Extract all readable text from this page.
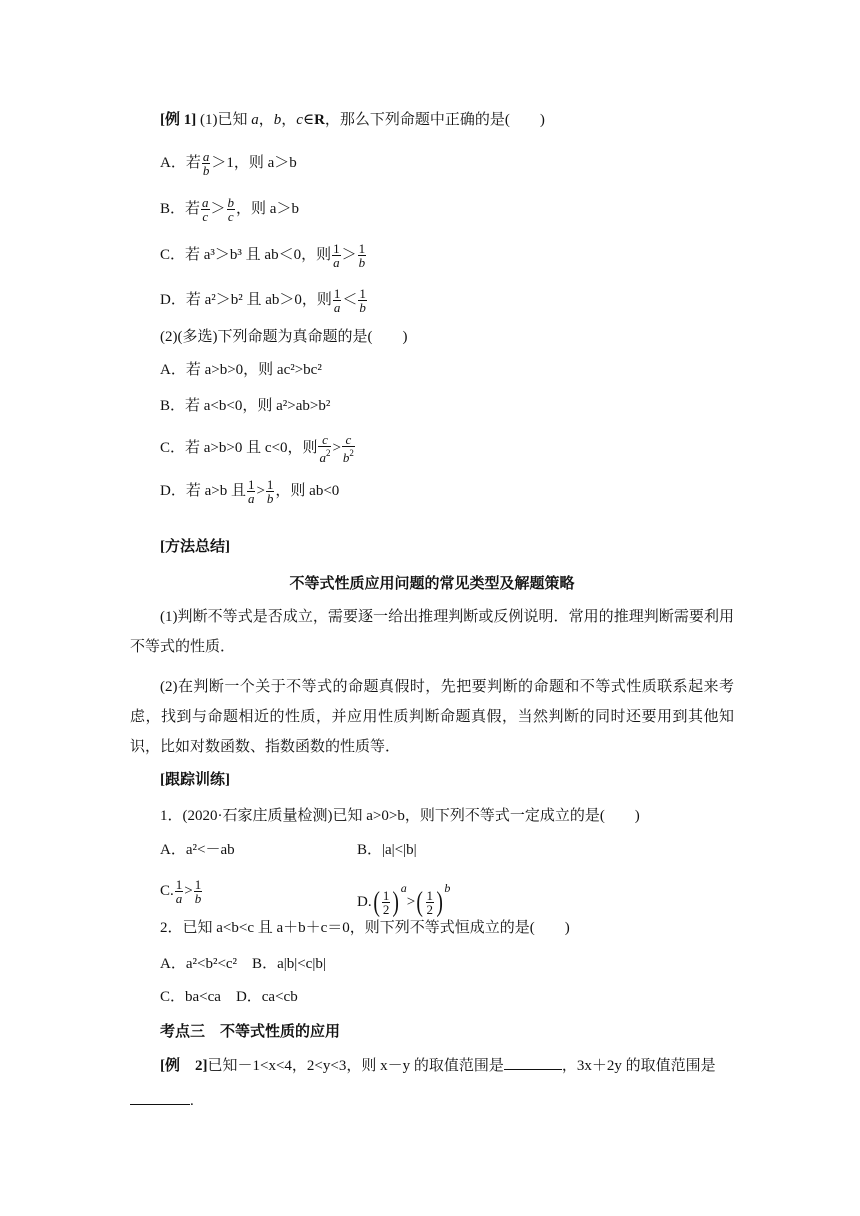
[例 1] (1)已知 a，b，c∈R，那么下列命题中正确的是(　　)
A．若 $\frac{a}{b} >1$，则 a＞b
B．若 $\frac{a}{c} > \frac{b}{c}$ ，则 a＞b
C．若 a³＞b³ 且 ab＜0，则 $\frac{1}{a} > \frac{1}{b}$
D．若 a²＞b² 且 ab＞0，则 $\frac{1}{a} < \frac{1}{b}$
(2)(多选)下列命题为真命题的是(　　)
A．若 a>b>0，则 ac²>bc²
B．若 a<b<0，则 a²>ab>b²
C．若 a>b>0 且 c<0，则 $\frac{c}{a^2} > \frac{c}{b^2}$
D．若 a>b 且 $\frac{1}{a} > \frac{1}{b}$ ，则 ab<0
[方法总结]
不等式性质应用问题的常见类型及解题策略
(1)判断不等式是否成立，需要逐一给出推理判断或反例说明．常用的推理判断需要利用不等式的性质．
(2)在判断一个关于不等式的命题真假时，先把要判断的命题和不等式性质联系起来考虑，找到与命题相近的性质，并应用性质判断命题真假，当然判断的同时还要用到其他知识，比如对数函数、指数函数的性质等．
[跟踪训练]
1．(2020·石家庄质量检测)已知 a>0>b，则下列不等式一定成立的是(　　)
A．a²<－ab	B．|a|<|b|
C. $\frac{1}{a} > \frac{1}{b}$	$D.( \frac{1}{2} )^a>( \frac{1}{2} )^b$
2．已知 a<b<c 且 a＋b＋c＝0，则下列不等式恒成立的是(　　)
A．a²<b²<c²　B．a|b|<c|b|
C．ba<ca　D．ca<cb
考点三　不等式性质的应用
[例　2]已知－1<x<4，2<y<3，则 x－y 的取值范围是	，3x＋2y 的取值范围是
.
